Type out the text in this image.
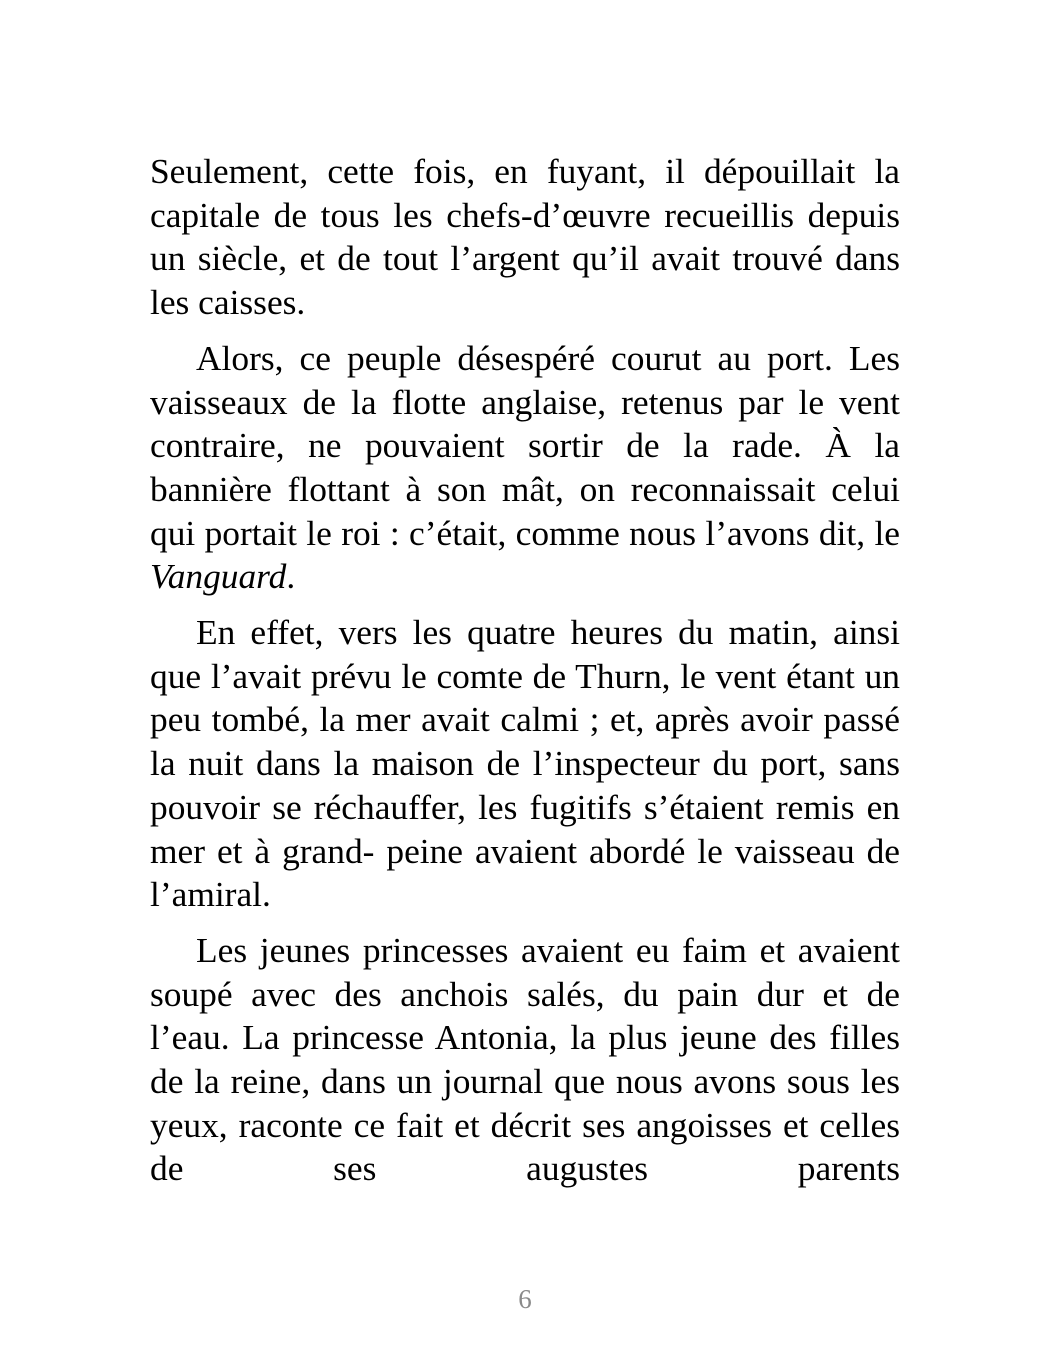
Seulement, cette fois, en fuyant, il dépouillait la capitale de tous les chefs-d’œuvre recueillis depuis un siècle, et de tout l’argent qu’il avait trouvé dans les caisses.

Alors, ce peuple désespéré courut au port. Les vaisseaux de la flotte anglaise, retenus par le vent contraire, ne pouvaient sortir de la rade. À la bannière flottant à son mât, on reconnaissait celui qui portait le roi : c’était, comme nous l’avons dit, le Vanguard.

En effet, vers les quatre heures du matin, ainsi que l’avait prévu le comte de Thurn, le vent étant un peu tombé, la mer avait calmi ; et, après avoir passé la nuit dans la maison de l’inspecteur du port, sans pouvoir se réchauffer, les fugitifs s’étaient remis en mer et à grand- peine avaient abordé le vaisseau de l’amiral.

Les jeunes princesses avaient eu faim et avaient soupé avec des anchois salés, du pain dur et de l’eau. La princesse Antonia, la plus jeune des filles de la reine, dans un journal que nous avons sous les yeux, raconte ce fait et décrit ses angoisses et celles de ses augustes parents

6
